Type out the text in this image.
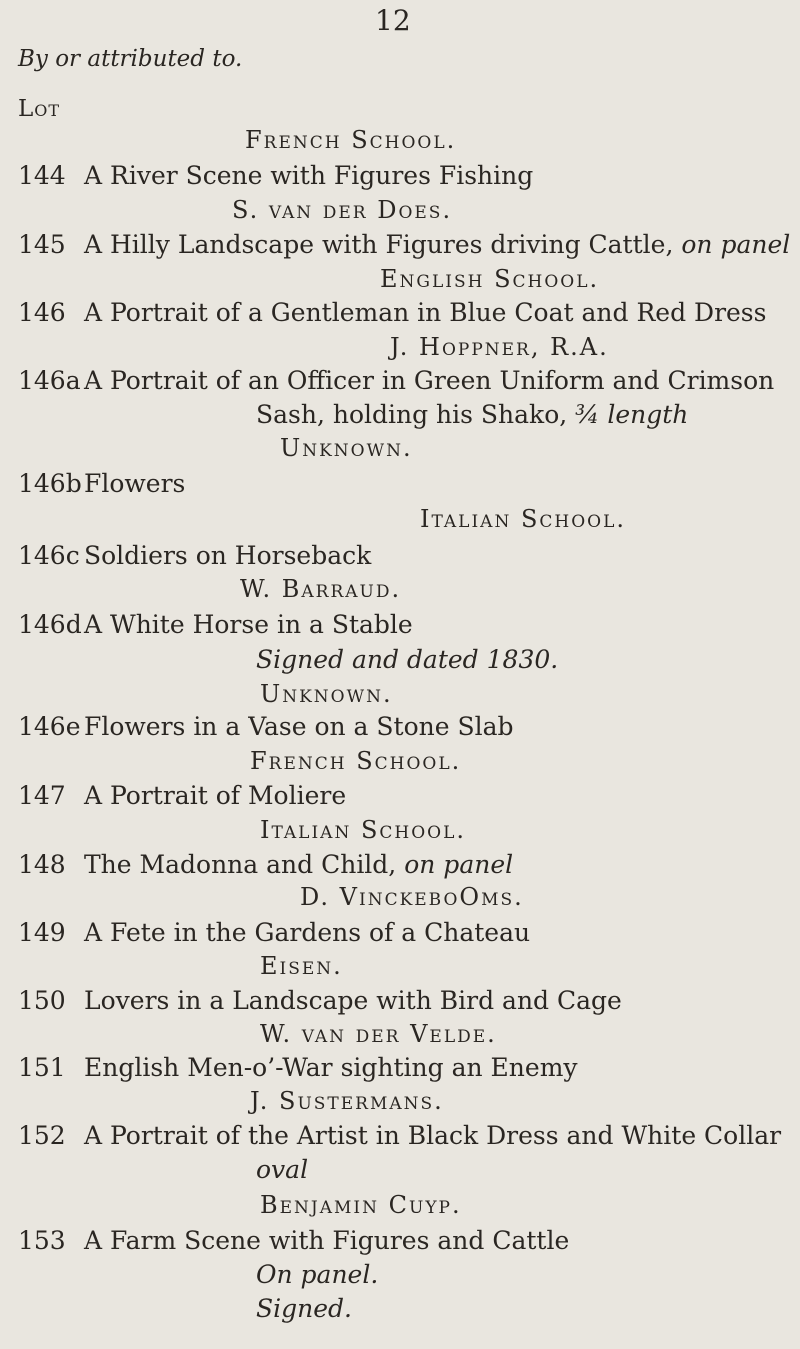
12
By or attributed to.
Lot
French School.
144 A River Scene with Figures Fishing
S. van der Does.
145 A Hilly Landscape with Figures driving Cattle, on panel
English School.
146 A Portrait of a Gentleman in Blue Coat and Red Dress
J. Hoppner, R.A.
146a A Portrait of an Officer in Green Uniform and Crimson
Sash, holding his Shako, ¾ length
Unknown.
146b Flowers
Italian School.
146c Soldiers on Horseback
W. Barraud.
146d A White Horse in a Stable
Signed and dated 1830.
Unknown.
146e Flowers in a Vase on a Stone Slab
French School.
147 A Portrait of Moliere
Italian School.
148 The Madonna and Child, on panel
D. VinckeboOms.
149 A Fete in the Gardens of a Chateau
Eisen.
150 Lovers in a Landscape with Bird and Cage
W. van der Velde.
151 English Men-o’-War sighting an Enemy
J. Sustermans.
152 A Portrait of the Artist in Black Dress and White Collar
oval
Benjamin Cuyp.
153 A Farm Scene with Figures and Cattle
On panel.
Signed.
